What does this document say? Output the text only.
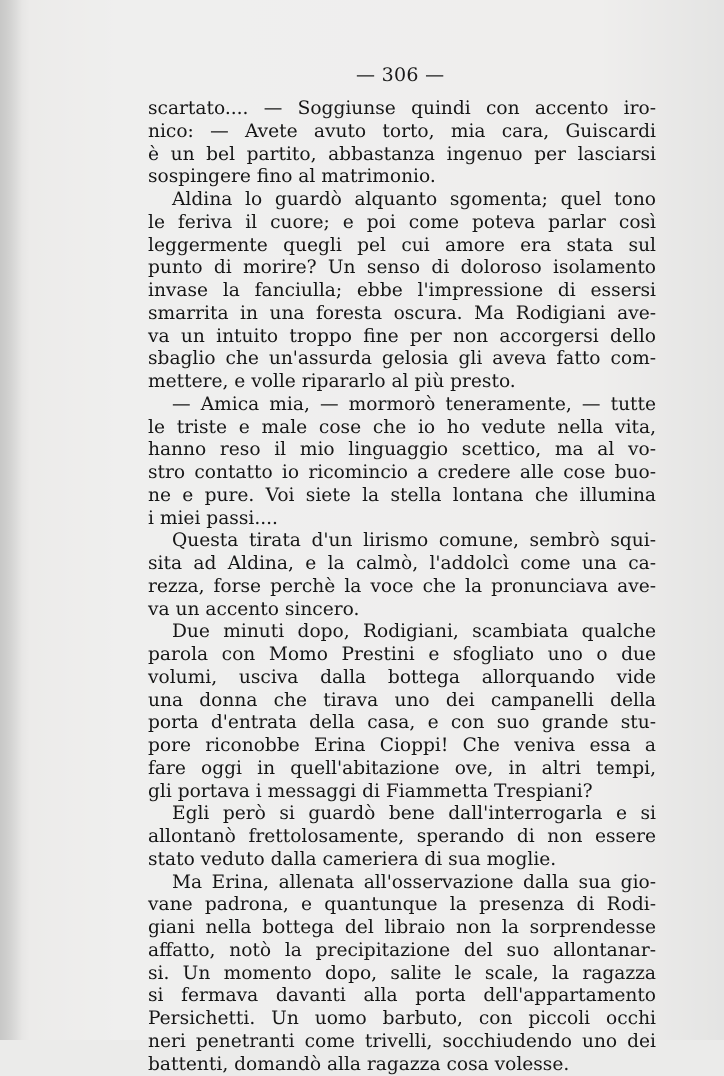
— 306 —
scartato.... — Soggiunse quindi con accento iro-
nico: — Avete avuto torto, mia cara, Guiscardi
è un bel partito, abbastanza ingenuo per lasciarsi
sospingere fino al matrimonio.
Aldina lo guardò alquanto sgomenta; quel tono
le feriva il cuore; e poi come poteva parlar così
leggermente quegli pel cui amore era stata sul
punto di morire? Un senso di doloroso isolamento
invase la fanciulla; ebbe l'impressione di essersi
smarrita in una foresta oscura. Ma Rodigiani ave-
va un intuito troppo fine per non accorgersi dello
sbaglio che un'assurda gelosia gli aveva fatto com-
mettere, e volle ripararlo al più presto.
— Amica mia, — mormorò teneramente, — tutte
le triste e male cose che io ho vedute nella vita,
hanno reso il mio linguaggio scettico, ma al vo-
stro contatto io ricomincio a credere alle cose buo-
ne e pure. Voi siete la stella lontana che illumina
i miei passi....
Questa tirata d'un lirismo comune, sembrò squi-
sita ad Aldina, e la calmò, l'addolcì come una ca-
rezza, forse perchè la voce che la pronunciava ave-
va un accento sincero.
Due minuti dopo, Rodigiani, scambiata qualche
parola con Momo Prestini e sfogliato uno o due
volumi, usciva dalla bottega allorquando vide
una donna che tirava uno dei campanelli della
porta d'entrata della casa, e con suo grande stu-
pore riconobbe Erina Cioppi! Che veniva essa a
fare oggi in quell'abitazione ove, in altri tempi,
gli portava i messaggi di Fiammetta Trespiani?
Egli però si guardò bene dall'interrogarla e si
allontanò frettolosamente, sperando di non essere
stato veduto dalla cameriera di sua moglie.
Ma Erina, allenata all'osservazione dalla sua gio-
vane padrona, e quantunque la presenza di Rodi-
giani nella bottega del libraio non la sorprendesse
affatto, notò la precipitazione del suo allontanar-
si. Un momento dopo, salite le scale, la ragazza
si fermava davanti alla porta dell'appartamento
Persichetti. Un uomo barbuto, con piccoli occhi
neri penetranti come trivelli, socchiudendo uno dei
battenti, domandò alla ragazza cosa volesse.
